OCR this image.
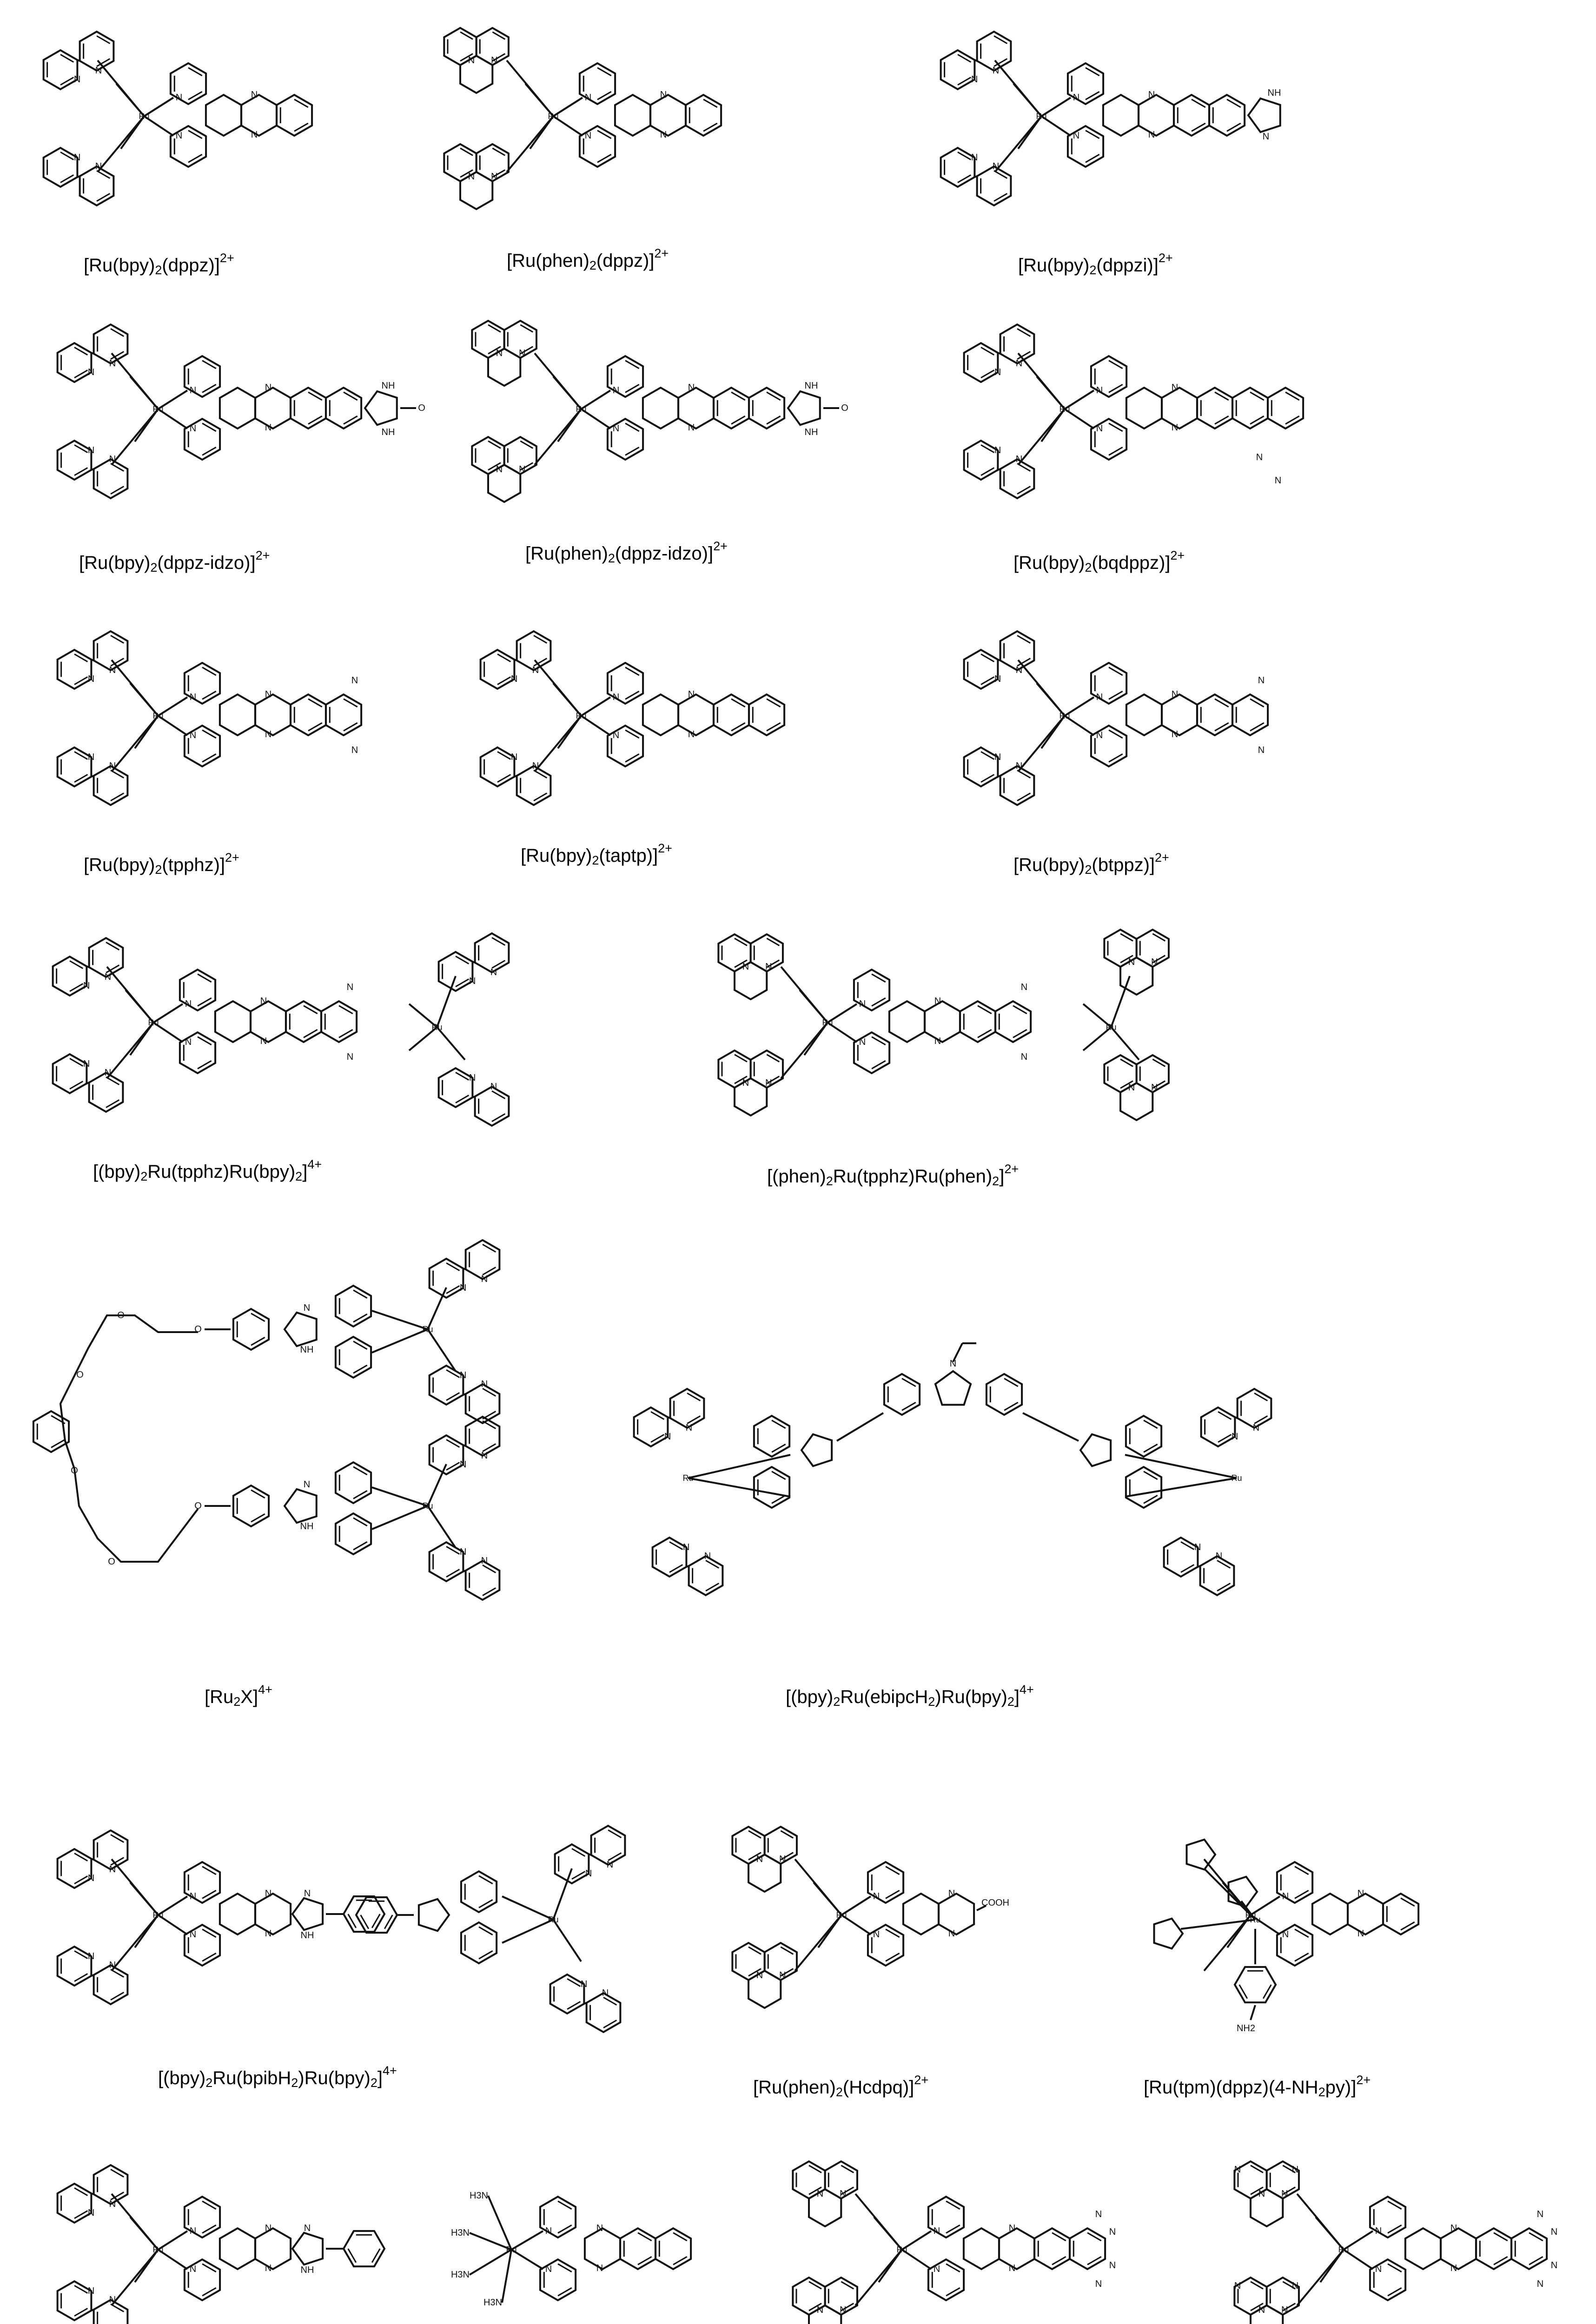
N
N
N
N
Ru
N
N
N
N
$[Ru(bpy)_2(dppz)]^{2+}$
N N
N N
Ru
N
N
N
N
$[Ru(phen)_2(dppz)]^{2+}$
N
N
N
N
Ru
N
N
N
N
NH
N
$[Ru(bpy)_2(dppzi)]^{2+}$
N
N
N
N
Ru
N
N
N
N
NH
NH
O
$[Ru(bpy)_2(dppz-idzo)]^{2+}$
N N
N N
Ru
N
N
N
N
NH
NH
O
$[Ru(phen)_2(dppz-idzo)]^{2+}$
N
N
N
N
Ru
N
N
N
N
N
N
$[Ru(bpy)_2(bqdppz)]^{2+}$
N
N
N
N
Ru
N
N
N
N
N
N
$[Ru(bpy)_2(tpphz)]^{2+}$
N
N
N
N
Ru
N
N
N
N
$[Ru(bpy)_2(taptp)]^{2+}$
N
N
N
N
Ru
N
N
N
N
N
N
$[Ru(bpy)_2(btppz)]^{2+}$
N
N
N
N
Ru
N
N
N
N
N
N
Ru
N
N
N
N
$[(bpy)_2Ru(tpphz)Ru(bpy)_2]^{4+}$
N N
N N
Ru
N
N
N
N
N
N
Ru
N N
N N
$[(phen)_2Ru(tpphz)Ru(phen)_2]^{2+}$
N
NH
Ru
N
N
N
N
O
N
NH
Ru
N
N
N
N
O
O
O
O
O
$[Ru_2X]^{4+}$
N
Ru	Ru
N
N
N
N
N
N
N
N
$[(bpy)_2Ru(ebipcH_2)Ru(bpy)_2]^{4+}$
N
N
N
N
Ru
N
N
N
N
N
NH
Ru
N
N
N
N
$[(bpy)_2Ru(bpibH_2)Ru(bpy)_2]^{4+}$
N N
N N
Ru
N
N
N
N
COOH
$[Ru(phen)_2(Hcdpq)]^{2+}$
Ru
NH2
Ru
N
N
N
N
$[Ru(tpm)(dppz)(4-NH_2py)]^{2+}$
N
N
N
N
Ru
N
N
N
N
N
NH
Ru
H3N
H3N
H3N
H3N
N
N
N
N
N N
N N
Ru
N
N
N
N
N
N
N
N
N N
N	N
N N
N	N
Ru
N
N
N
N
N
N
N
N
